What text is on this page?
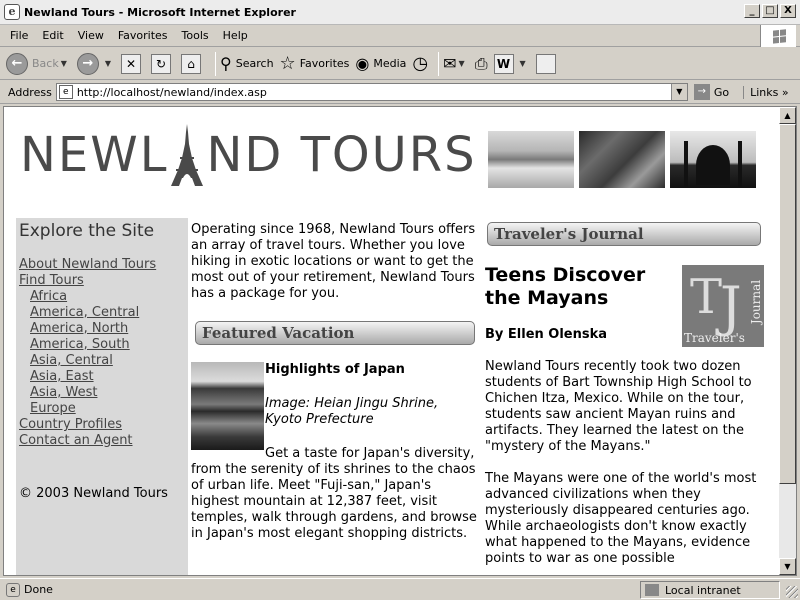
e Newland Tours - Microsoft Internet Explorer	_	□ X
File	Edit	View	Favorites	Tools	Help
← Back ▼	→	▼	✕	↻	⌂	⚲ Search ☆ Favorites ◉ Media ◷ ✉ ▼ ⎙ W	▼
Address	e http://localhost/newland/index.asp	▼	→ Go	Links »
NEWL ND TOURS
Explore the Site
About Newland Tours
Find Tours
Africa
America, Central
America, North
America, South
Asia, Central
Asia, East
Asia, West
Europe
Country Profiles
Contact an Agent
© 2003 Newland Tours

Operating since 1968, Newland Tours offers an array of travel tours. Whether you love hiking in exotic locations or want to get the most out of your retirement, Newland Tours has a package for you.

Featured Vacation
Highlights of Japan
Image: Heian Jingu Shrine, Kyoto Prefecture
Get a taste for Japan's diversity, from the serenity of its shrines to the chaos of urban life. Meet "Fuji-san," Japan's highest mountain at 12,387 feet, visit temples, walk through gardens, and browse in Japan's most elegant shopping districts.
Traveler's Journal
Teens Discover the Mayans	T
J Journal
Traveler's
By Ellen Olenska
Newland Tours recently took two dozen students of Bart Township High School to Chichen Itza, Mexico. While on the tour, students saw ancient Mayan ruins and artifacts. They learned the latest on the "mystery of the Mayans."
The Mayans were one of the world's most advanced civilizations when they mysteriously disappeared centuries ago. While archaeologists don't know exactly what happened to the Mayans, evidence points to war as one possible
▲
▼
e Done	Local intranet
